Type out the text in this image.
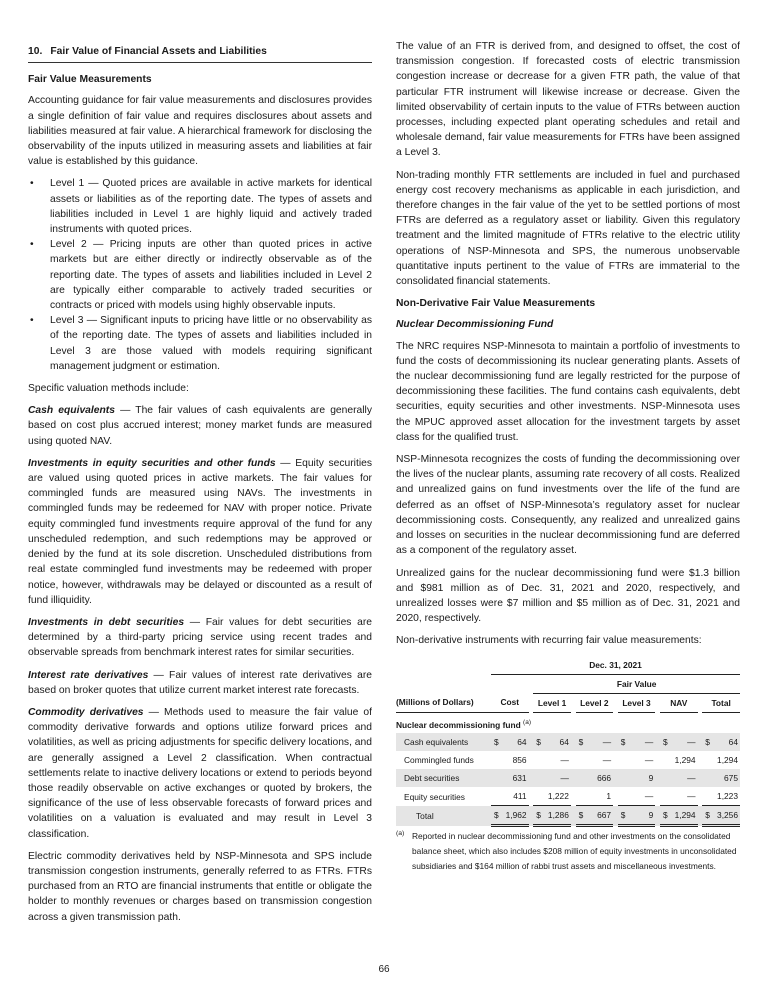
10. Fair Value of Financial Assets and Liabilities
Fair Value Measurements

Accounting guidance for fair value measurements and disclosures provides a single definition of fair value and requires disclosures about assets and liabilities measured at fair value. A hierarchical framework for disclosing the observability of the inputs utilized in measuring assets and liabilities at fair value is established by this guidance.

• Level 1 — Quoted prices are available in active markets for identical assets or liabilities as of the reporting date. The types of assets and liabilities included in Level 1 are highly liquid and actively traded instruments with quoted prices.
• Level 2 — Pricing inputs are other than quoted prices in active markets but are either directly or indirectly observable as of the reporting date. The types of assets and liabilities included in Level 2 are typically either comparable to actively traded securities or contracts or priced with models using highly observable inputs.
• Level 3 — Significant inputs to pricing have little or no observability as of the reporting date. The types of assets and liabilities included in Level 3 are those valued with models requiring significant management judgment or estimation.

Specific valuation methods include:

Cash equivalents — The fair values of cash equivalents are generally based on cost plus accrued interest; money market funds are measured using quoted NAV.

Investments in equity securities and other funds — Equity securities are valued using quoted prices in active markets. The fair values for commingled funds are measured using NAVs. The investments in commingled funds may be redeemed for NAV with proper notice. Private equity commingled fund investments require approval of the fund for any unscheduled redemption, and such redemptions may be approved or denied by the fund at its sole discretion. Unscheduled distributions from real estate commingled fund investments may be redeemed with proper notice, however, withdrawals may be delayed or discounted as a result of fund illiquidity.

Investments in debt securities — Fair values for debt securities are determined by a third-party pricing service using recent trades and observable spreads from benchmark interest rates for similar securities.

Interest rate derivatives — Fair values of interest rate derivatives are based on broker quotes that utilize current market interest rate forecasts.

Commodity derivatives — Methods used to measure the fair value of commodity derivative forwards and options utilize forward prices and volatilities, as well as pricing adjustments for specific delivery locations, and are generally assigned a Level 2 classification. When contractual settlements relate to inactive delivery locations or extend to periods beyond those readily observable on active exchanges or quoted by brokers, the significance of the use of less observable forecasts of forward prices and volatilities on a valuation is evaluated and may result in Level 3 classification.

Electric commodity derivatives held by NSP-Minnesota and SPS include transmission congestion instruments, generally referred to as FTRs. FTRs purchased from an RTO are financial instruments that entitle or obligate the holder to monthly revenues or charges based on transmission congestion across a given transmission path.

The value of an FTR is derived from, and designed to offset, the cost of transmission congestion. If forecasted costs of electric transmission congestion increase or decrease for a given FTR path, the value of that particular FTR instrument will likewise increase or decrease. Given the limited observability of certain inputs to the value of FTRs between auction processes, including expected plant operating schedules and retail and wholesale demand, fair value measurements for FTRs have been assigned a Level 3.

Non-trading monthly FTR settlements are included in fuel and purchased energy cost recovery mechanisms as applicable in each jurisdiction, and therefore changes in the fair value of the yet to be settled portions of most FTRs are deferred as a regulatory asset or liability. Given this regulatory treatment and the limited magnitude of FTRs relative to the electric utility operations of NSP-Minnesota and SPS, the numerous unobservable quantitative inputs pertinent to the value of FTRs are immaterial to the consolidated financial statements.

Non-Derivative Fair Value Measurements
Nuclear Decommissioning Fund

The NRC requires NSP-Minnesota to maintain a portfolio of investments to fund the costs of decommissioning its nuclear generating plants. Assets of the nuclear decommissioning fund are legally restricted for the purpose of decommissioning these facilities. The fund contains cash equivalents, debt securities, equity securities and other investments. NSP-Minnesota uses the MPUC approved asset allocation for the investment targets by asset class for the qualified trust.

NSP-Minnesota recognizes the costs of funding the decommissioning over the lives of the nuclear plants, assuming rate recovery of all costs. Realized and unrealized gains on fund investments over the life of the fund are deferred as an offset of NSP-Minnesota’s regulatory asset for nuclear decommissioning costs. Consequently, any realized and unrealized gains and losses on securities in the nuclear decommissioning fund are deferred as a component of the regulatory asset.

Unrealized gains for the nuclear decommissioning fund were $1.3 billion and $981 million as of Dec. 31, 2021 and 2020, respectively, and unrealized losses were $7 million and $5 million as of Dec. 31, 2021 and 2020, respectively.

Non-derivative instruments with recurring fair value measurements:

	Dec. 31, 2021																
				Fair Value													
(Millions of Dollars)	Cost			Level 1			Level 2			Level 3			NAV			Total	
Nuclear decommissioning fund $^{(a)}$
Cash equivalents	$	64		$	64		$	—		$	—		$	—		$	64
Commingled funds		856			—			—			—			1,294			1,294
Debt securities		631			—			666			9			—			675
Equity securities		411			1,222			1			—			—			1,223
Total	$	1,962		$	1,286		$	667		$	9		$	1,294		$	3,256
(a) Reported in nuclear decommissioning fund and other investments on the consolidated balance sheet, which also includes $208 million of equity investments in unconsolidated subsidiaries and $164 million of rabbi trust assets and miscellaneous investments.
66
